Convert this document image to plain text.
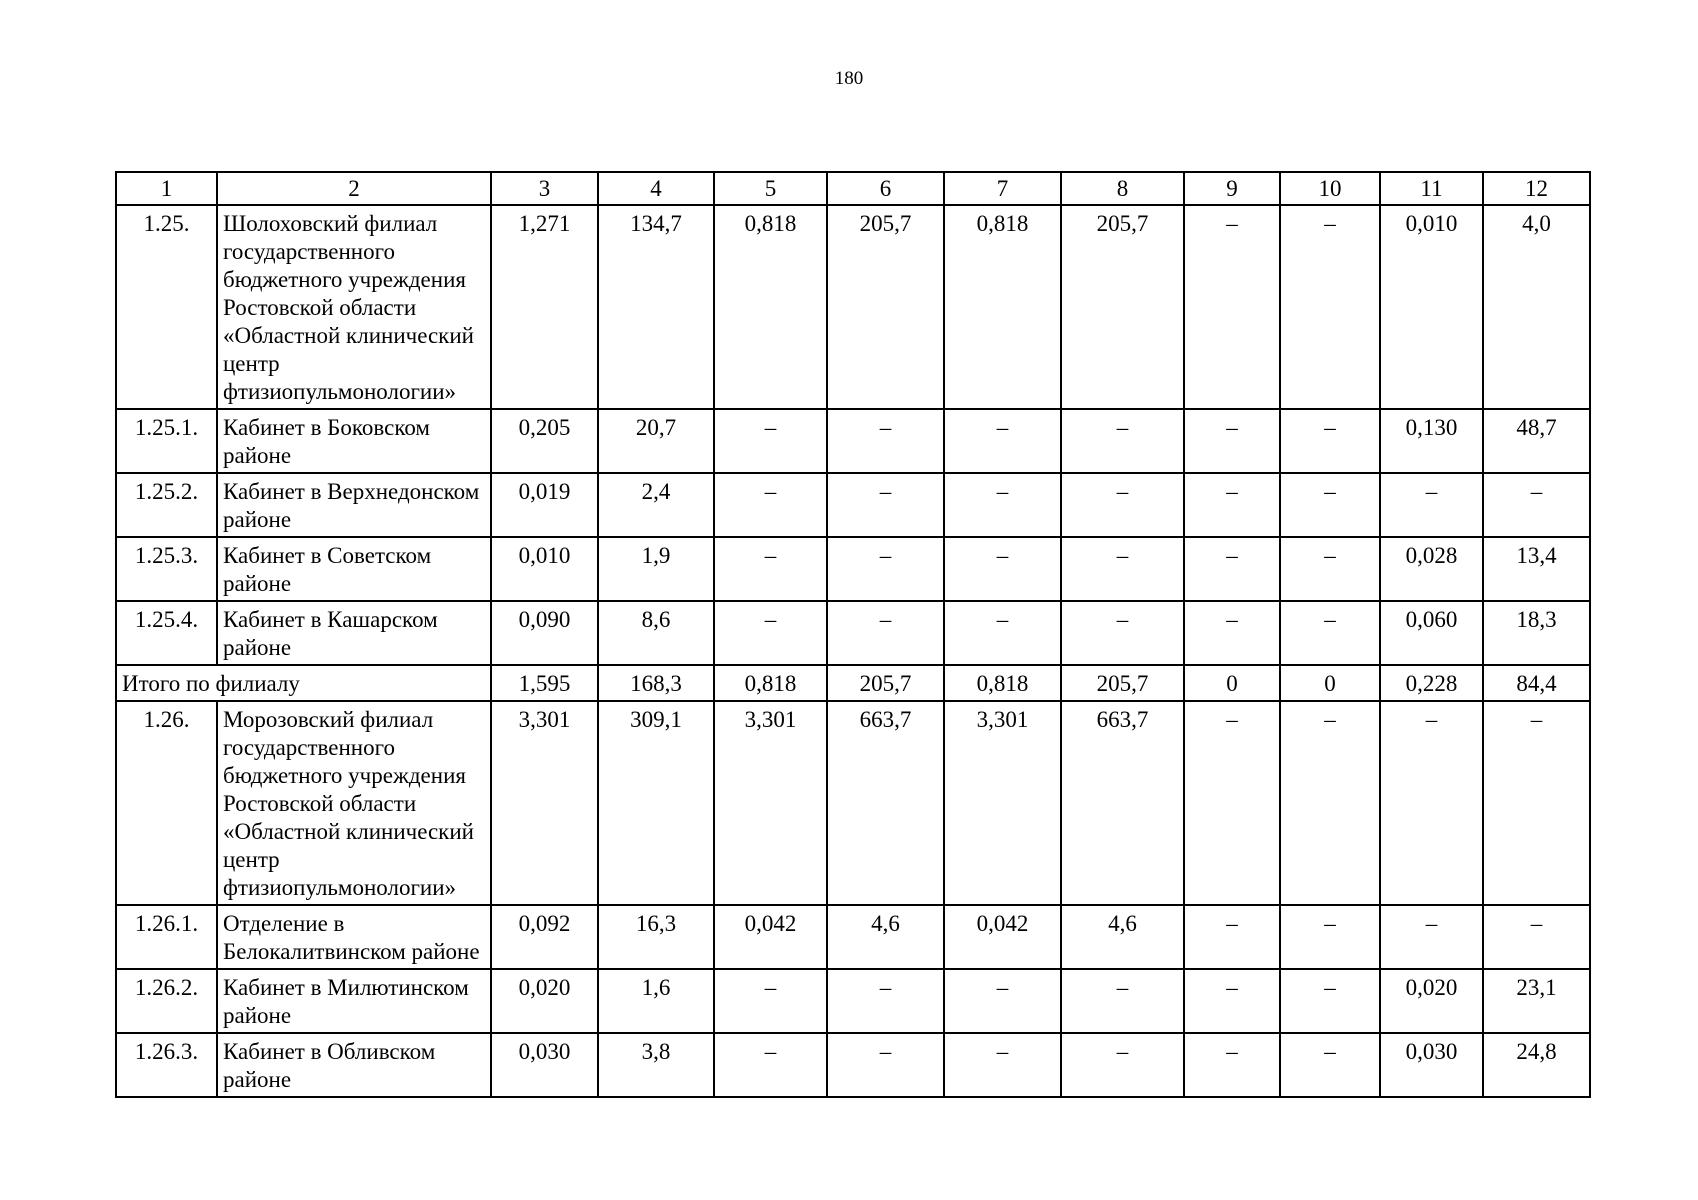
180
1	2	3	4	5	6	7	8	9	10	11	12
1.25.	Шолоховский филиал государственного бюджетного учреждения Ростовской области «Областной клинический центр фтизиопульмонологии»	1,271	134,7	0,818	205,7	0,818	205,7	–	–	0,010	4,0
1.25.1.	Кабинет в Боковском районе	0,205	20,7	–	–	–	–	–	–	0,130	48,7
1.25.2.	Кабинет в Верхнедонском районе	0,019	2,4	–	–	–	–	–	–	–	–
1.25.3.	Кабинет в Советском районе	0,010	1,9	–	–	–	–	–	–	0,028	13,4
1.25.4.	Кабинет в Кашарском районе	0,090	8,6	–	–	–	–	–	–	0,060	18,3
Итого по филиалу		1,595	168,3	0,818	205,7	0,818	205,7	0	0	0,228	84,4
1.26.	Морозовский филиал государственного бюджетного учреждения Ростовской области «Областной клинический центр фтизиопульмонологии»	3,301	309,1	3,301	663,7	3,301	663,7	–	–	–	–
1.26.1.	Отделение в Белокалитвинском районе	0,092	16,3	0,042	4,6	0,042	4,6	–	–	–	–
1.26.2.	Кабинет в Милютинском районе	0,020	1,6	–	–	–	–	–	–	0,020	23,1
1.26.3.	Кабинет в Обливском районе	0,030	3,8	–	–	–	–	–	–	0,030	24,8
